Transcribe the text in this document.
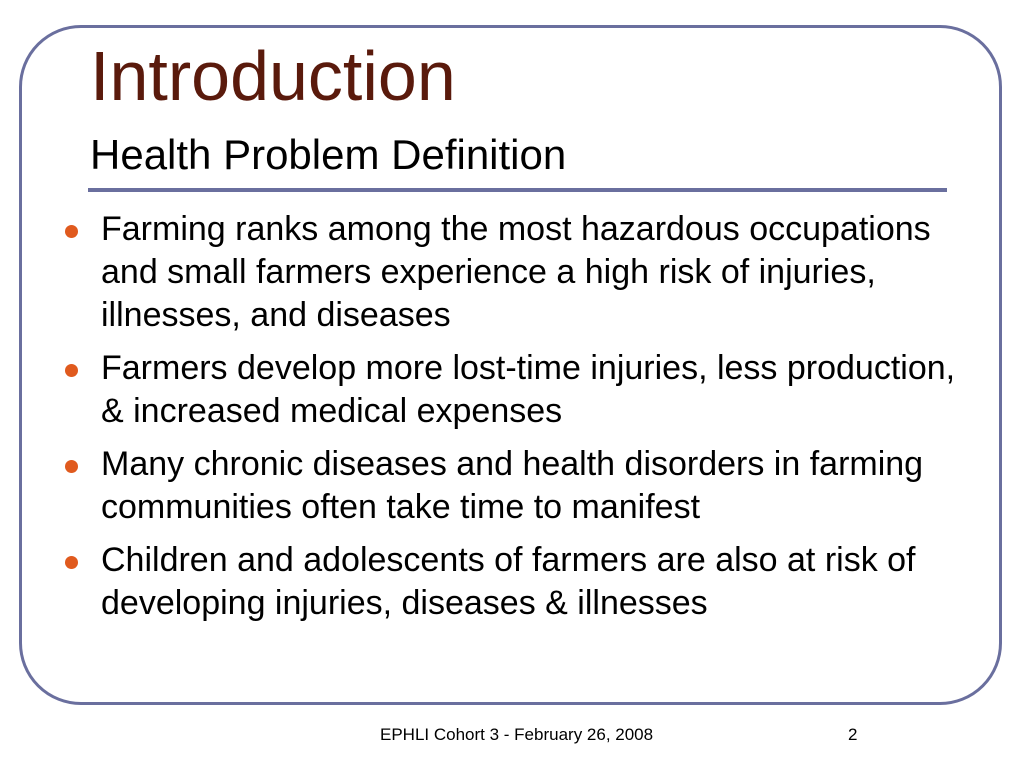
Introduction
Health Problem Definition
Farming ranks among the most hazardous occupations and small farmers experience a high risk of injuries, illnesses, and diseases
Farmers develop more lost-time injuries, less production, & increased medical expenses
Many chronic diseases and health disorders in farming communities often take time to manifest
Children and adolescents of farmers are also at risk of developing injuries, diseases & illnesses
EPHLI Cohort 3 - February 26, 2008	2
